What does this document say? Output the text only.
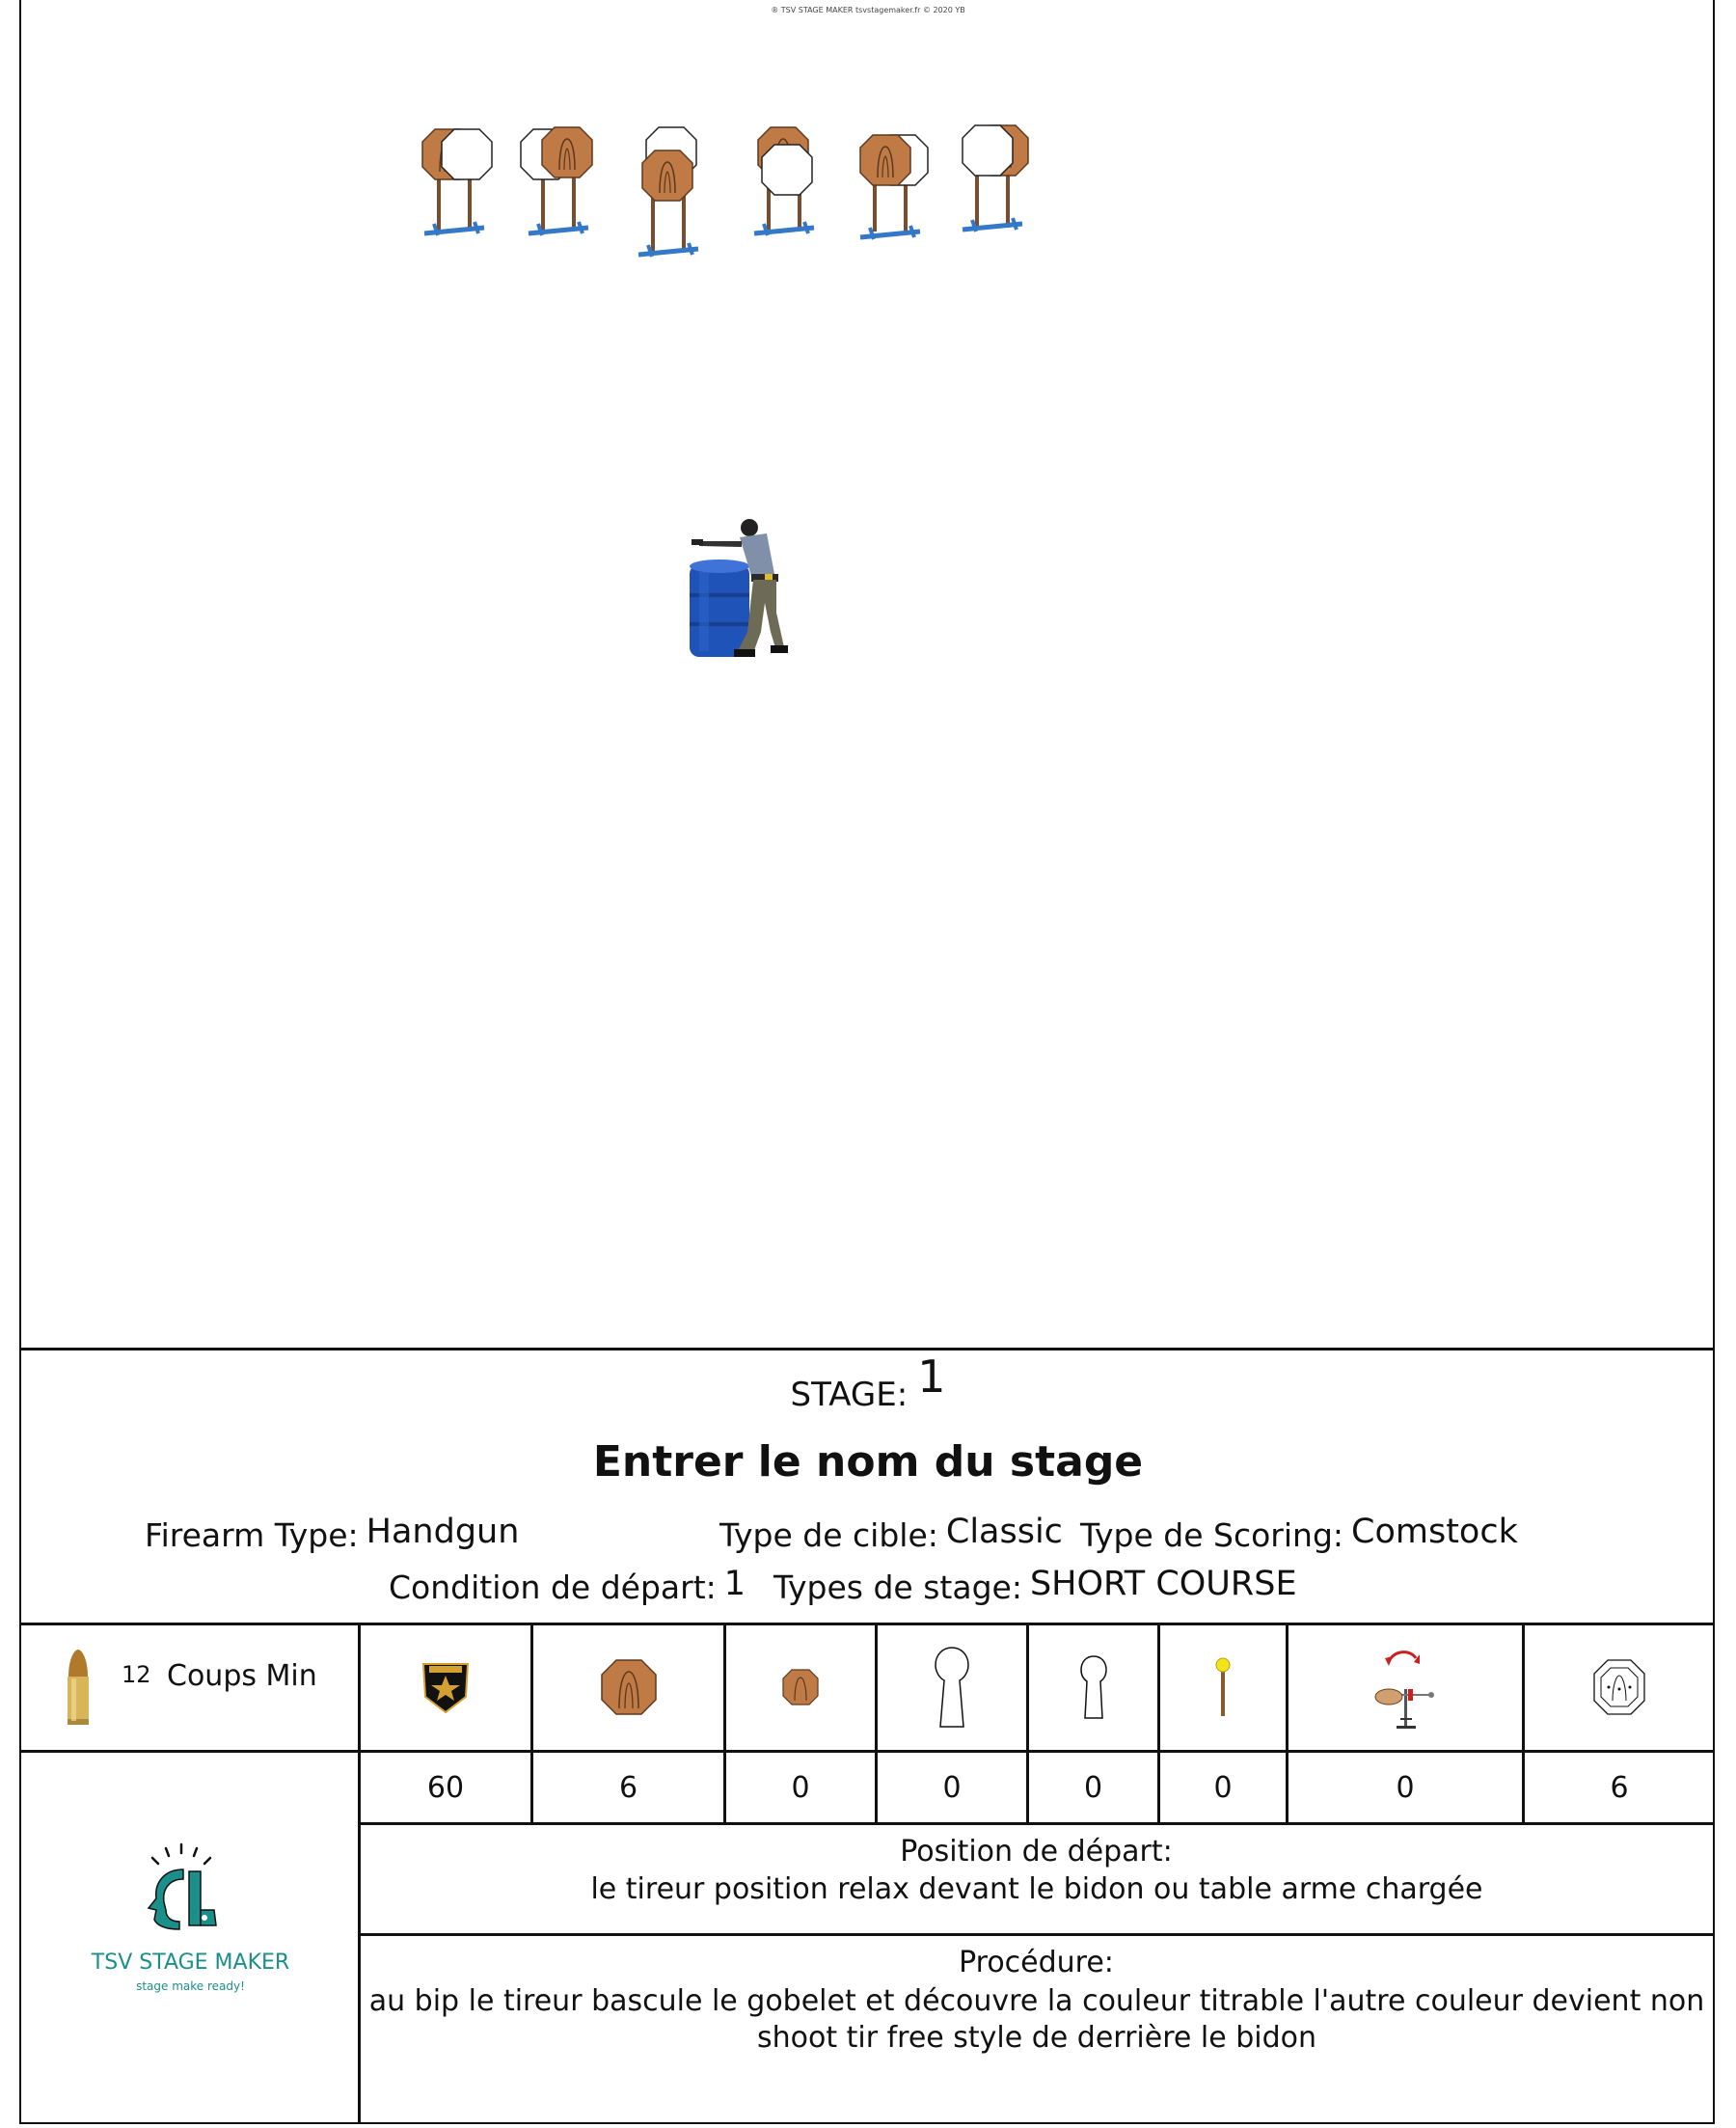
® TSV STAGE MAKER tsvstagemaker.fr © 2020 YB
STAGE: 1
Entrer le nom du stage
Firearm Type: Handgun	Type de cible: Classic Type de Scoring: Comstock
Condition de départ: 1 Types de stage: SHORT COURSE
12 Coups Min
60	6	0	0	0	0	0	6
Position de départ:
le tireur position relax devant le bidon ou table arme chargée
Procédure:
au bip le tireur bascule le gobelet et découvre la couleur titrable l'autre couleur devient non
shoot tir free style de derrière le bidon
TSV STAGE MAKER
stage make ready!
